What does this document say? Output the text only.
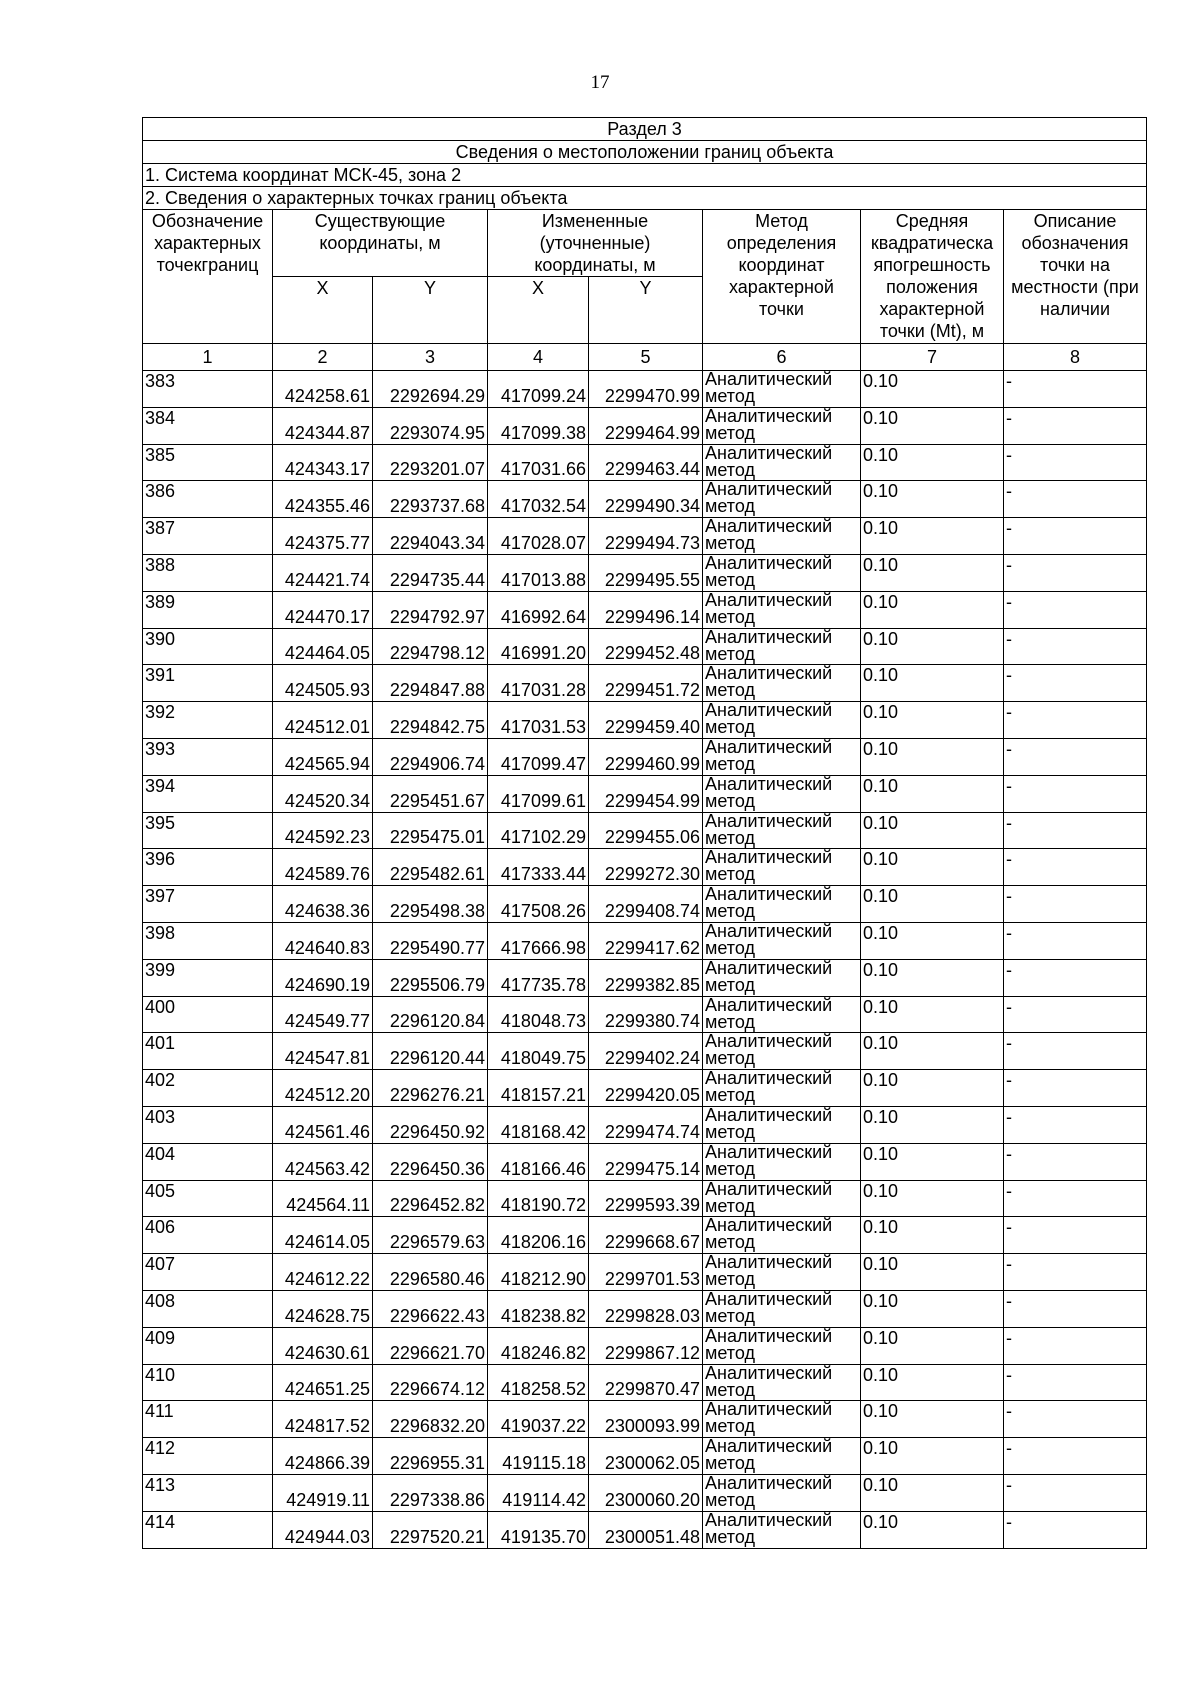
17
Раздел 3							
Сведения о местоположении границ объекта							
1. Система координат МСК-45, зона 2							
2. Сведения о характерных точках границ объекта							
Обозначение характерных точекграниц	Существующие координаты, м		Измененные (уточненные) координаты, м		Метод определения координат характерной точки	Средняя квадратическа япогрешность положения характерной точки (Mt), м	Описание обозначения точки на местности (при наличии
	X	Y	X	Y			
1	2	3	4	5	6	7	8
383	424258.61	2292694.29	417099.24	2299470.99	Аналитический метод	0.10	-
384	424344.87	2293074.95	417099.38	2299464.99	Аналитический метод	0.10	-
385	424343.17	2293201.07	417031.66	2299463.44	Аналитический метод	0.10	-
386	424355.46	2293737.68	417032.54	2299490.34	Аналитический метод	0.10	-
387	424375.77	2294043.34	417028.07	2299494.73	Аналитический метод	0.10	-
388	424421.74	2294735.44	417013.88	2299495.55	Аналитический метод	0.10	-
389	424470.17	2294792.97	416992.64	2299496.14	Аналитический метод	0.10	-
390	424464.05	2294798.12	416991.20	2299452.48	Аналитический метод	0.10	-
391	424505.93	2294847.88	417031.28	2299451.72	Аналитический метод	0.10	-
392	424512.01	2294842.75	417031.53	2299459.40	Аналитический метод	0.10	-
393	424565.94	2294906.74	417099.47	2299460.99	Аналитический метод	0.10	-
394	424520.34	2295451.67	417099.61	2299454.99	Аналитический метод	0.10	-
395	424592.23	2295475.01	417102.29	2299455.06	Аналитический метод	0.10	-
396	424589.76	2295482.61	417333.44	2299272.30	Аналитический метод	0.10	-
397	424638.36	2295498.38	417508.26	2299408.74	Аналитический метод	0.10	-
398	424640.83	2295490.77	417666.98	2299417.62	Аналитический метод	0.10	-
399	424690.19	2295506.79	417735.78	2299382.85	Аналитический метод	0.10	-
400	424549.77	2296120.84	418048.73	2299380.74	Аналитический метод	0.10	-
401	424547.81	2296120.44	418049.75	2299402.24	Аналитический метод	0.10	-
402	424512.20	2296276.21	418157.21	2299420.05	Аналитический метод	0.10	-
403	424561.46	2296450.92	418168.42	2299474.74	Аналитический метод	0.10	-
404	424563.42	2296450.36	418166.46	2299475.14	Аналитический метод	0.10	-
405	424564.11	2296452.82	418190.72	2299593.39	Аналитический метод	0.10	-
406	424614.05	2296579.63	418206.16	2299668.67	Аналитический метод	0.10	-
407	424612.22	2296580.46	418212.90	2299701.53	Аналитический метод	0.10	-
408	424628.75	2296622.43	418238.82	2299828.03	Аналитический метод	0.10	-
409	424630.61	2296621.70	418246.82	2299867.12	Аналитический метод	0.10	-
410	424651.25	2296674.12	418258.52	2299870.47	Аналитический метод	0.10	-
411	424817.52	2296832.20	419037.22	2300093.99	Аналитический метод	0.10	-
412	424866.39	2296955.31	419115.18	2300062.05	Аналитический метод	0.10	-
413	424919.11	2297338.86	419114.42	2300060.20	Аналитический метод	0.10	-
414	424944.03	2297520.21	419135.70	2300051.48	Аналитический метод	0.10	-
